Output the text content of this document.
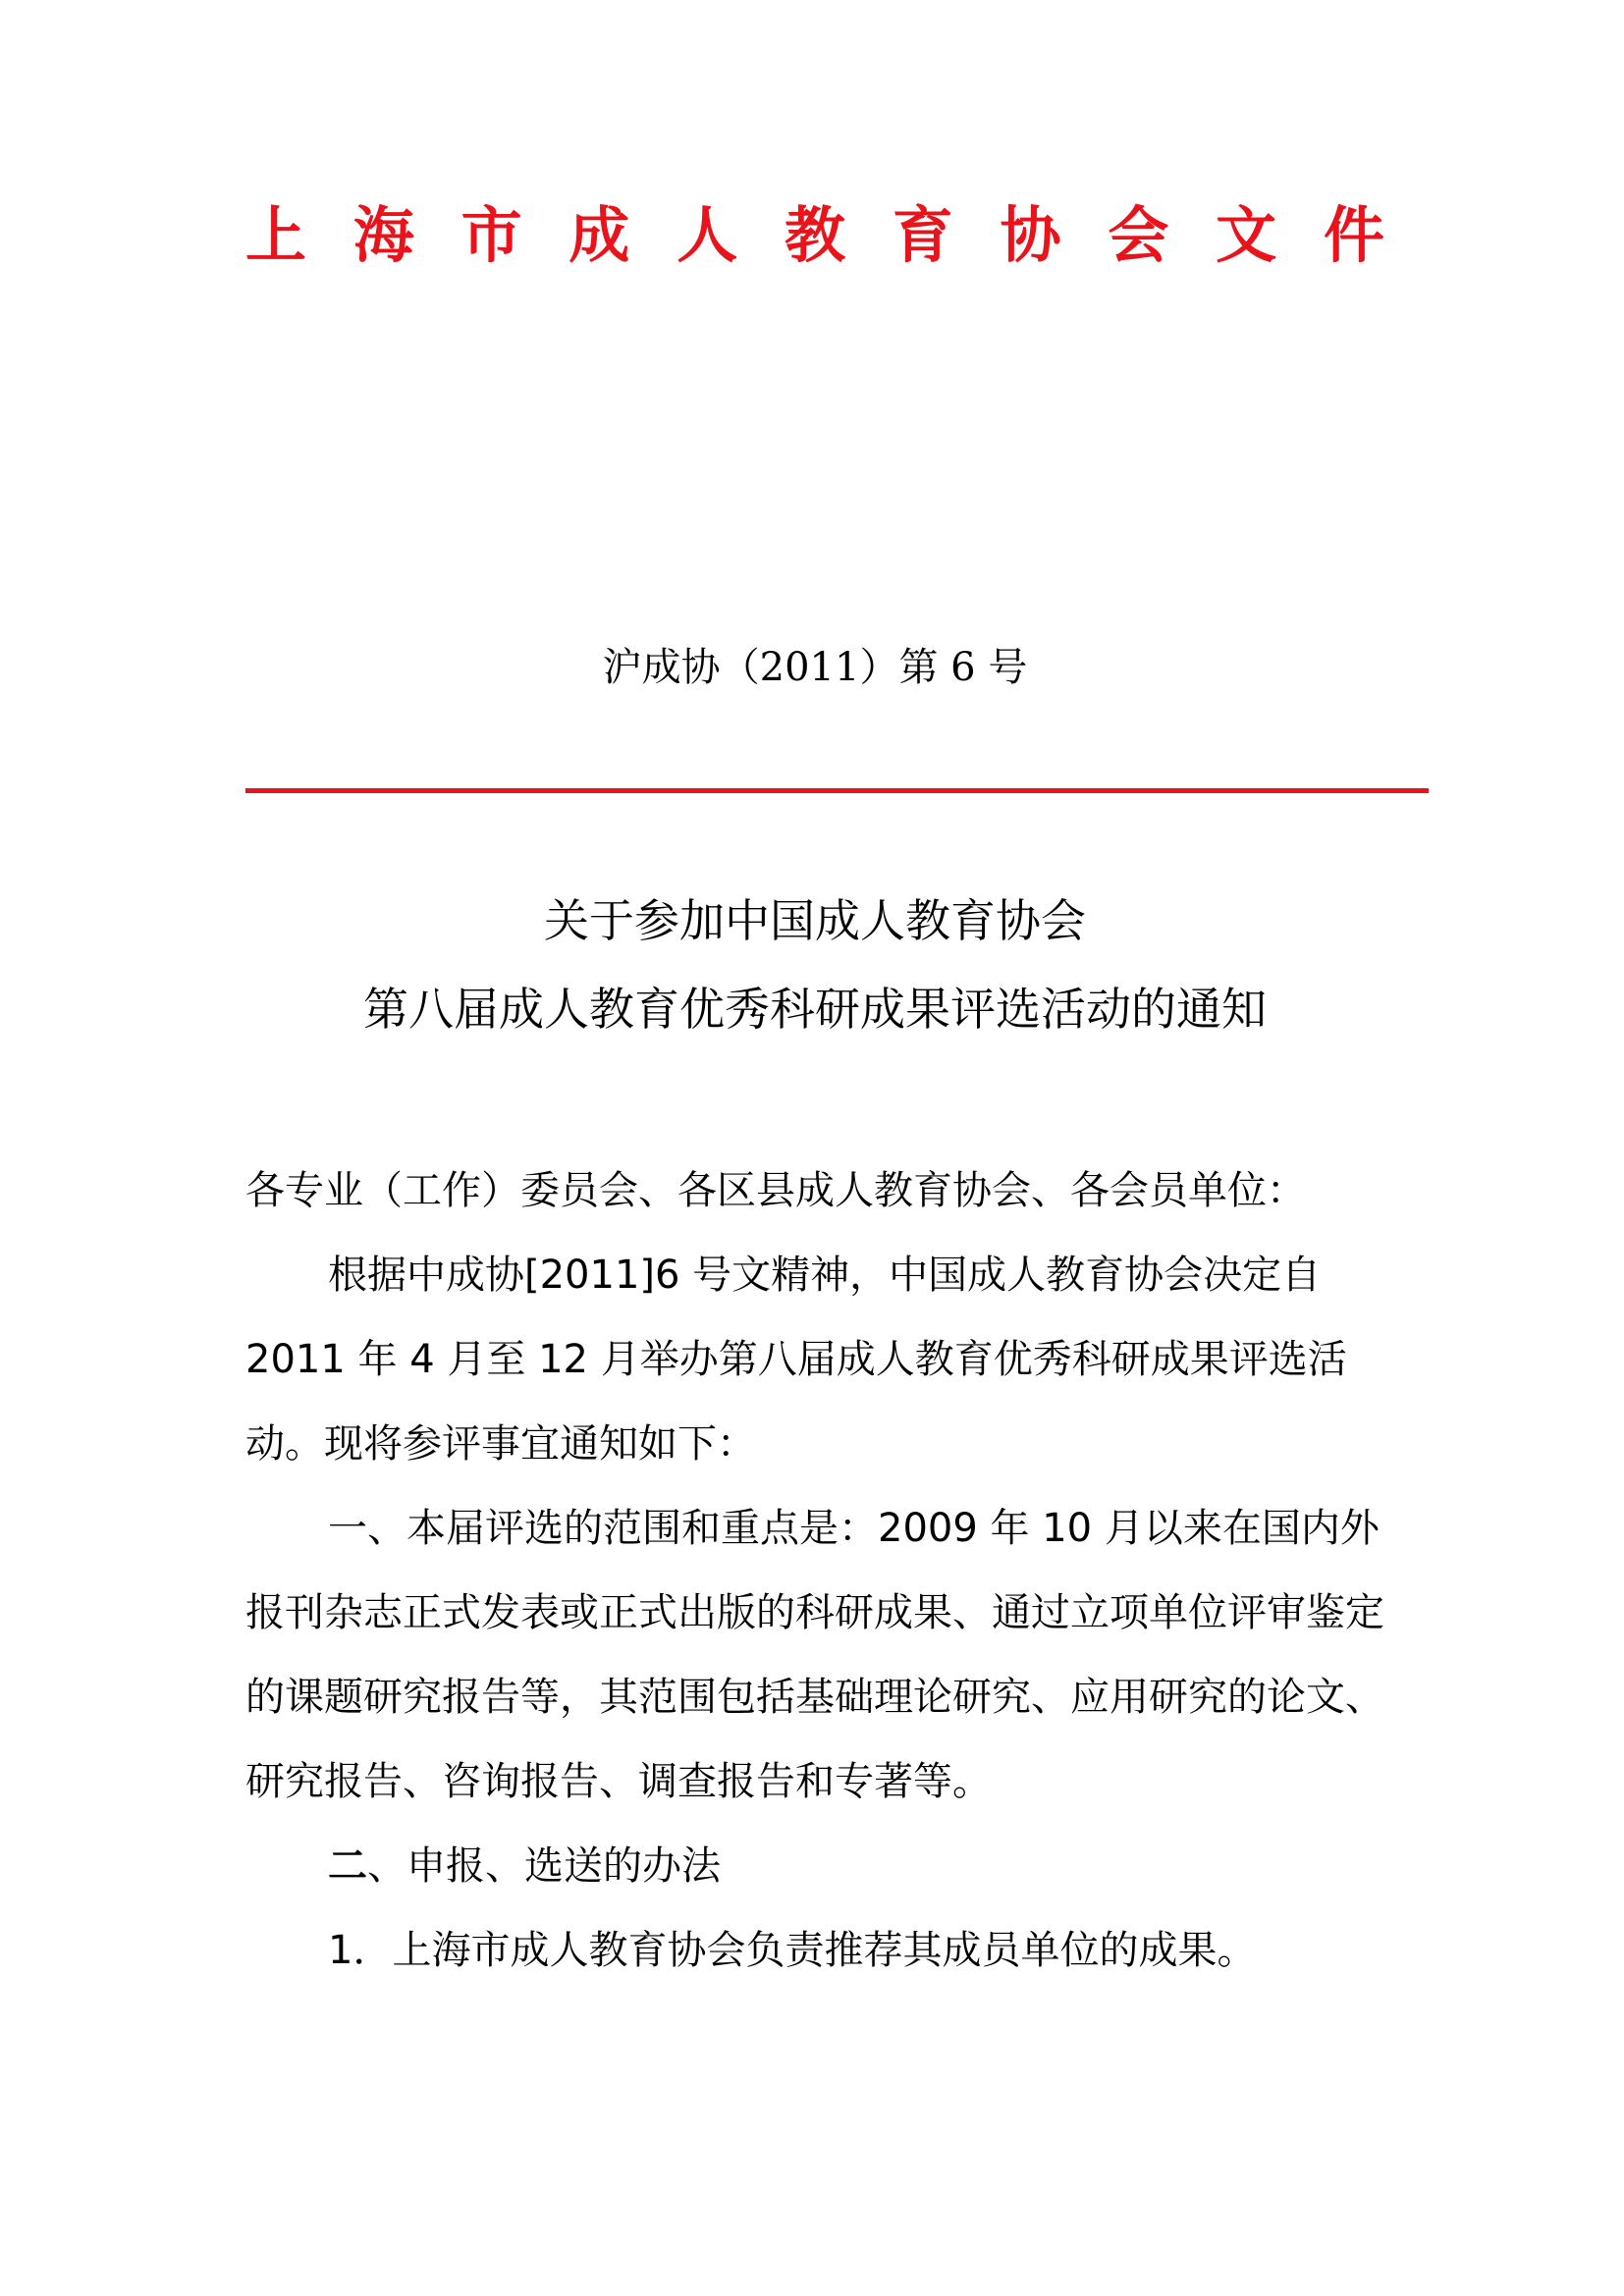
上 海 市 成 人 教 育 协 会 文 件
沪成协（2011）第 6 号
关于参加中国成人教育协会
第八届成人教育优秀科研成果评选活动的通知

各专业（工作）委员会、各区县成人教育协会、各会员单位：

根据中成协[2011]6 号文精神，中国成人教育协会决定自2011 年 4 月至 12 月举办第八届成人教育优秀科研成果评选活动。现将参评事宜通知如下：

一、本届评选的范围和重点是：2009 年 10 月以来在国内外报刊杂志正式发表或正式出版的科研成果、通过立项单位评审鉴定的课题研究报告等，其范围包括基础理论研究、应用研究的论文、研究报告、咨询报告、调查报告和专著等。

二、申报、选送的办法

1．上海市成人教育协会负责推荐其成员单位的成果。
